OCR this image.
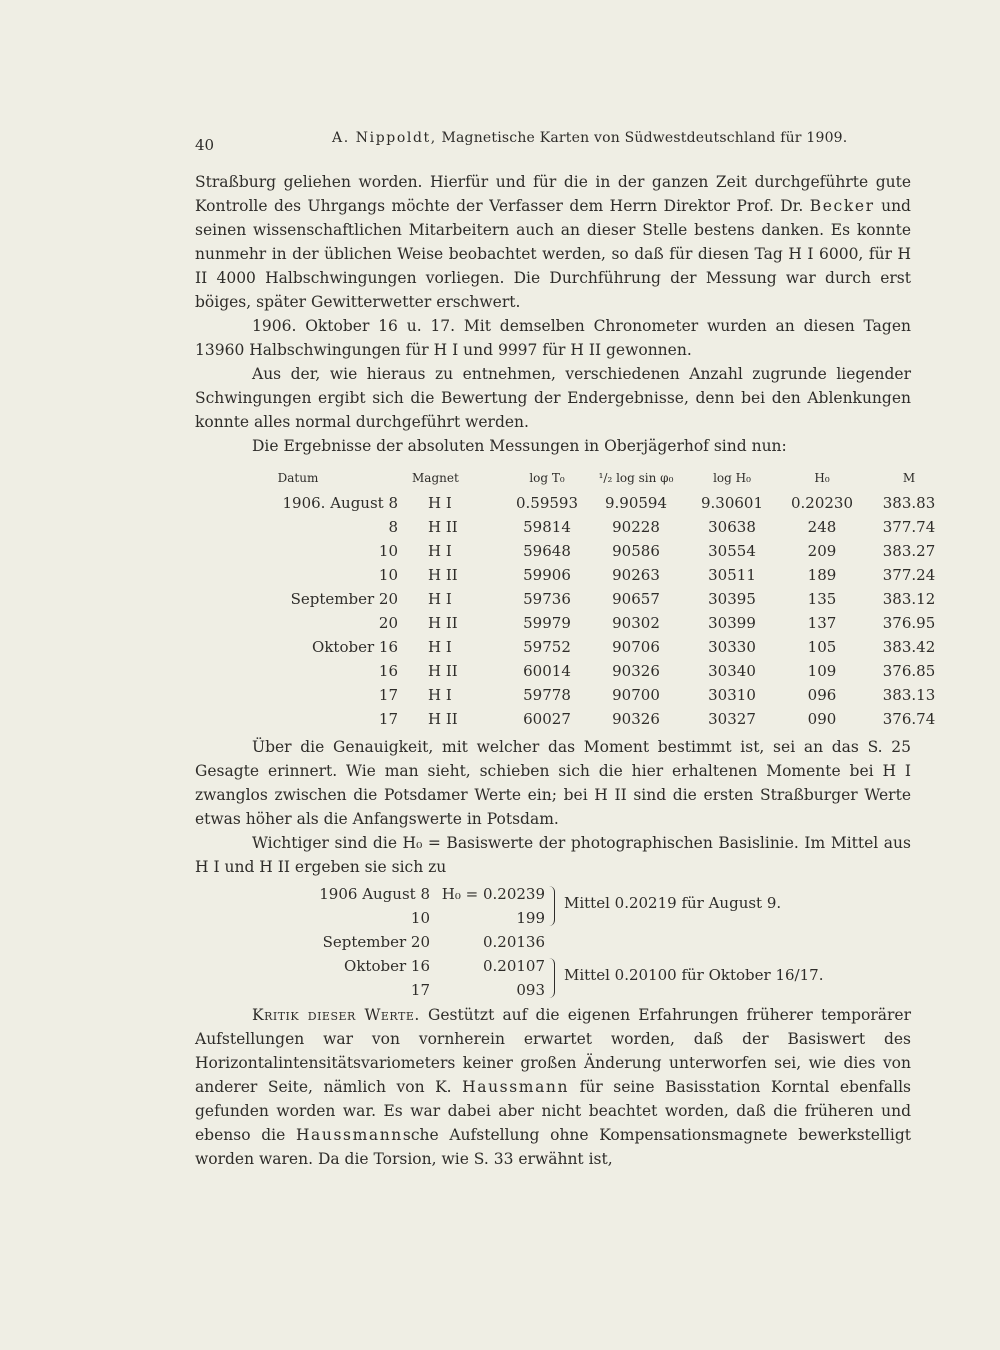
40	A. Nippoldt, Magnetische Karten von Südwestdeutschland für 1909.

Straßburg geliehen worden. Hierfür und für die in der ganzen Zeit durchgeführte gute Kontrolle des Uhrgangs möchte der Verfasser dem Herrn Direktor Prof. Dr. Becker und seinen wissenschaftlichen Mitarbeitern auch an dieser Stelle bestens danken. Es konnte nunmehr in der üblichen Weise beobachtet werden, so daß für diesen Tag H I 6000, für H II 4000 Halbschwingungen vorliegen. Die Durchführung der Messung war durch erst böiges, später Gewitterwetter erschwert.

1906. Oktober 16 u. 17. Mit demselben Chronometer wurden an diesen Tagen 13960 Halbschwingungen für H I und 9997 für H II gewonnen.

Aus der, wie hieraus zu entnehmen, verschiedenen Anzahl zugrunde liegender Schwingungen ergibt sich die Bewertung der Endergebnisse, denn bei den Ablenkungen konnte alles normal durchgeführt werden.

Die Ergebnisse der absoluten Messungen in Oberjägerhof sind nun:

Datum	Magnet	log T₀	¹/₂ log sin φ₀	log H₀	H₀	M
1906. August 8	H I	0.59593	9.90594	9.30601	0.20230	383.83
8	H II	59814	90228	30638	248	377.74
10	H I	59648	90586	30554	209	383.27
10	H II	59906	90263	30511	189	377.24
September 20	H I	59736	90657	30395	135	383.12
20	H II	59979	90302	30399	137	376.95
Oktober 16	H I	59752	90706	30330	105	383.42
16	H II	60014	90326	30340	109	376.85
17	H I	59778	90700	30310	096	383.13
17	H II	60027	90326	30327	090	376.74

Über die Genauigkeit, mit welcher das Moment bestimmt ist, sei an das S. 25 Gesagte erinnert. Wie man sieht, schieben sich die hier erhaltenen Momente bei H I zwanglos zwischen die Potsdamer Werte ein; bei H II sind die ersten Straßburger Werte etwas höher als die Anfangswerte in Potsdam.

Wichtiger sind die H₀ = Basiswerte der photographischen Basislinie. Im Mittel aus H I und H II ergeben sie sich zu

1906 August 8 H₀ = 0.20239
10	199
September 20	0.20136
Oktober 16	0.20107
17	093
Mittel 0.20219 für August 9.
Mittel 0.20100 für Oktober 16/17.

Kritik dieser Werte. Gestützt auf die eigenen Erfahrungen früherer temporärer Aufstellungen war von vornherein erwartet worden, daß der Basiswert des Horizontalintensitätsvariometers keiner großen Änderung unterworfen sei, wie dies von anderer Seite, nämlich von K. Haussmann für seine Basisstation Korntal ebenfalls gefunden worden war. Es war dabei aber nicht beachtet worden, daß die früheren und ebenso die Haussmannsche Aufstellung ohne Kompensationsmagnete bewerkstelligt worden waren. Da die Torsion, wie S. 33 erwähnt ist,
